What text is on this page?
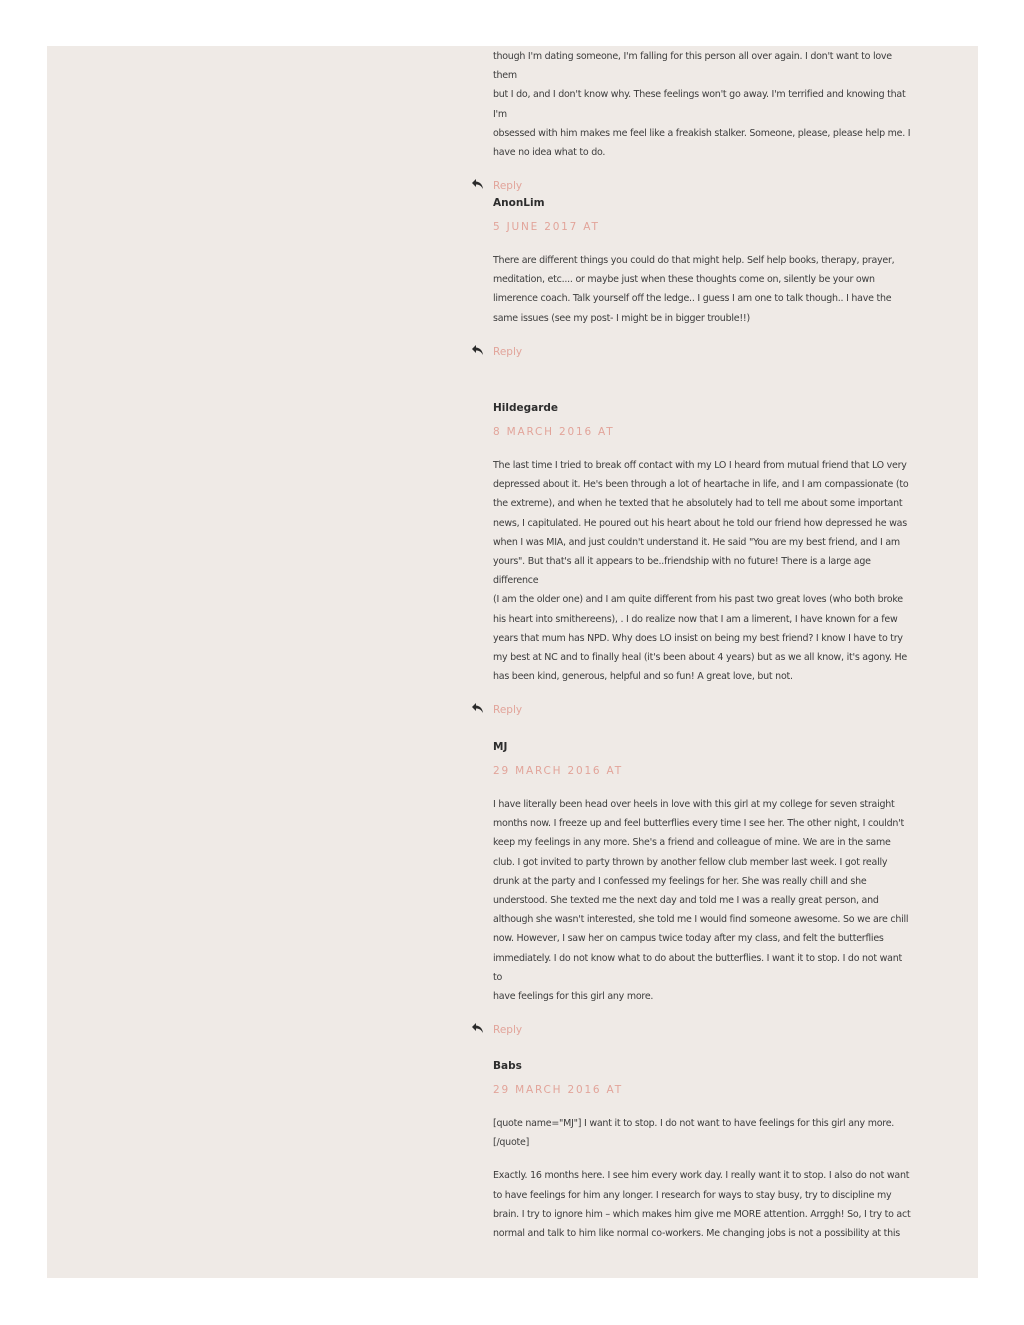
though I'm dating someone, I'm falling for this person all over again. I don't want to love them
but I do, and I don't know why. These feelings won't go away. I'm terrified and knowing that I'm
obsessed with him makes me feel like a freakish stalker. Someone, please, please help me. I
have no idea what to do.

Reply
AnonLim
5 JUNE 2017 AT

There are different things you could do that might help. Self help books, therapy, prayer,
meditation, etc.... or maybe just when these thoughts come on, silently be your own
limerence coach. Talk yourself off the ledge.. I guess I am one to talk though.. I have the
same issues (see my post- I might be in bigger trouble!!)

Reply
Hildegarde
8 MARCH 2016 AT

The last time I tried to break off contact with my LO I heard from mutual friend that LO very
depressed about it. He's been through a lot of heartache in life, and I am compassionate (to
the extreme), and when he texted that he absolutely had to tell me about some important
news, I capitulated. He poured out his heart about he told our friend how depressed he was
when I was MIA, and just couldn't understand it. He said "You are my best friend, and I am
yours". But that's all it appears to be..friendship with no future! There is a large age difference
(I am the older one) and I am quite different from his past two great loves (who both broke
his heart into smithereens), . I do realize now that I am a limerent, I have known for a few
years that mum has NPD. Why does LO insist on being my best friend? I know I have to try
my best at NC and to finally heal (it's been about 4 years) but as we all know, it's agony. He
has been kind, generous, helpful and so fun! A great love, but not.

Reply
MJ
29 MARCH 2016 AT

I have literally been head over heels in love with this girl at my college for seven straight
months now. I freeze up and feel butterflies every time I see her. The other night, I couldn't
keep my feelings in any more. She's a friend and colleague of mine. We are in the same
club. I got invited to party thrown by another fellow club member last week. I got really
drunk at the party and I confessed my feelings for her. She was really chill and she
understood. She texted me the next day and told me I was a really great person, and
although she wasn't interested, she told me I would find someone awesome. So we are chill
now. However, I saw her on campus twice today after my class, and felt the butterflies
immediately. I do not know what to do about the butterflies. I want it to stop. I do not want to
have feelings for this girl any more.

Reply
Babs
29 MARCH 2016 AT

[quote name="MJ"] I want it to stop. I do not want to have feelings for this girl any more.
[/quote]

Exactly. 16 months here. I see him every work day. I really want it to stop. I also do not want
to have feelings for him any longer. I research for ways to stay busy, try to discipline my
brain. I try to ignore him – which makes him give me MORE attention. Arrggh! So, I try to act
normal and talk to him like normal co-workers. Me changing jobs is not a possibility at this
